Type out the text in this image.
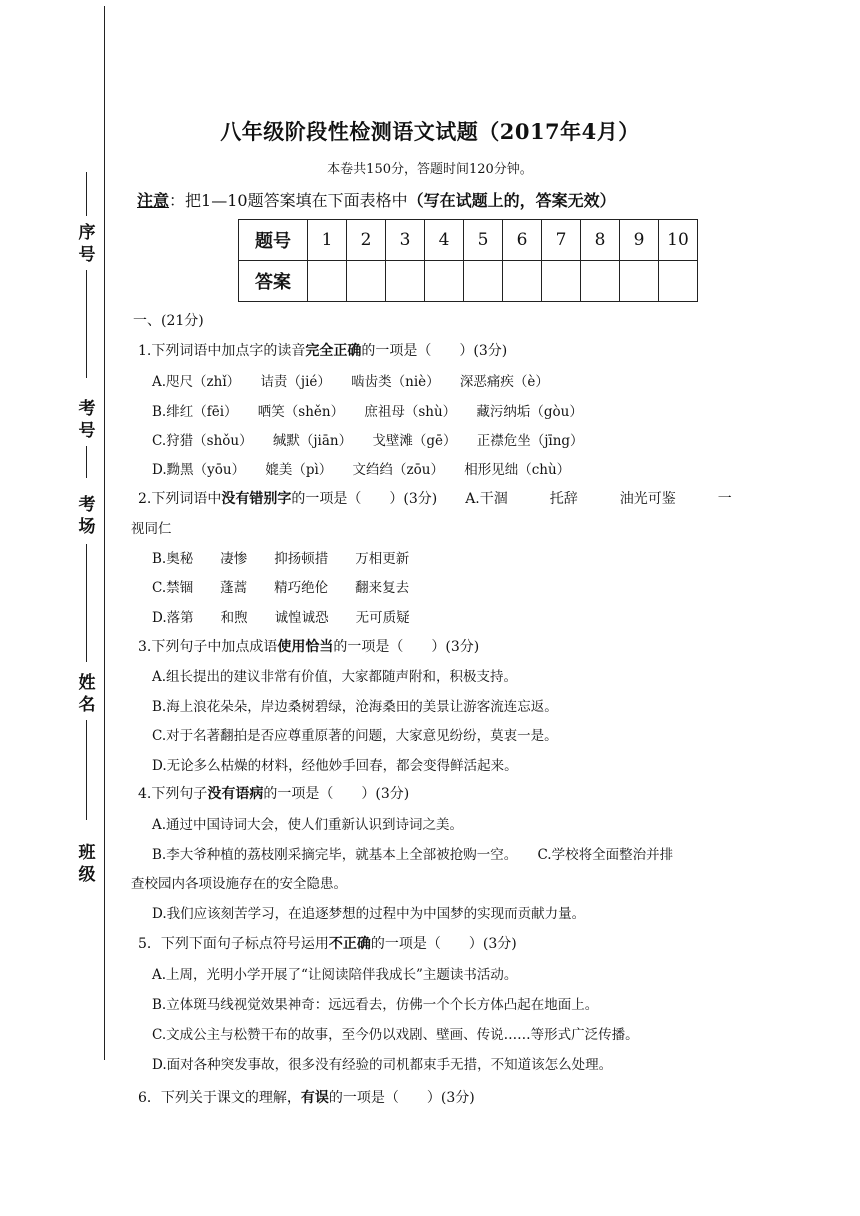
序号
考号
考场
姓名
班级
八年级阶段性检测语文试题（2017年4月）
本卷共150分，答题时间120分钟。
注意：把1—10题答案填在下面表格中（写在试题上的，答案无效）
题号	1	2	3	4	5	6	7	8	9	10
答案										
一、(21分)
1.下列词语中加点字的读音完全正确的一项是（　　）(3分)
A.咫尺（zhǐ）　　诘责（jié）　　啮齿类（niè）　　深恶痛疾（è）
B.绯红（fēi）　　哂笑（shěn）　　庶祖母（shù）　　藏污纳垢（gòu）
C.狩猎（shǒu）　　缄默（jiān）　　戈壁滩（gē）　　正襟危坐（jīng）
D.黝黑（yōu）　　媲美（pì）　　文绉绉（zōu）　　相形见绌（chù）
2.下列词语中没有错别字的一项是（　　）(3分)　　A.干涸　　　托辞　　　油光可鉴　　　一
视同仁
B.奥秘　　凄惨　　抑扬顿措　　万相更新
C.禁锢　　蓬蒿　　精巧绝伦　　翻来复去
D.落第　　和煦　　诚惶诚恐　　无可质疑
3.下列句子中加点成语使用恰当的一项是（　　）(3分)
A.组长提出的建议非常有价值，大家都随声附和，积极支持。
B.海上浪花朵朵，岸边桑树碧绿，沧海桑田的美景让游客流连忘返。
C.对于名著翻拍是否应尊重原著的问题，大家意见纷纷，莫衷一是。
D.无论多么枯燥的材料，经他妙手回春，都会变得鲜活起来。
4.下列句子没有语病的一项是（　　）(3分)
A.通过中国诗词大会，使人们重新认识到诗词之美。
B.李大爷种植的荔枝刚采摘完毕，就基本上全部被抢购一空。　　C.学校将全面整治并排
查校园内各项设施存在的安全隐患。
D.我们应该刻苦学习，在追逐梦想的过程中为中国梦的实现而贡献力量。
5．下列下面句子标点符号运用不正确的一项是（　　）(3分)
A.上周，光明小学开展了“让阅读陪伴我成长”主题读书活动。
B.立体斑马线视觉效果神奇：远远看去，仿佛一个个长方体凸起在地面上。
C.文成公主与松赞干布的故事，至今仍以戏剧、壁画、传说……等形式广泛传播。
D.面对各种突发事故，很多没有经验的司机都束手无措，不知道该怎么处理。
6．下列关于课文的理解，有误的一项是（　　）(3分)
